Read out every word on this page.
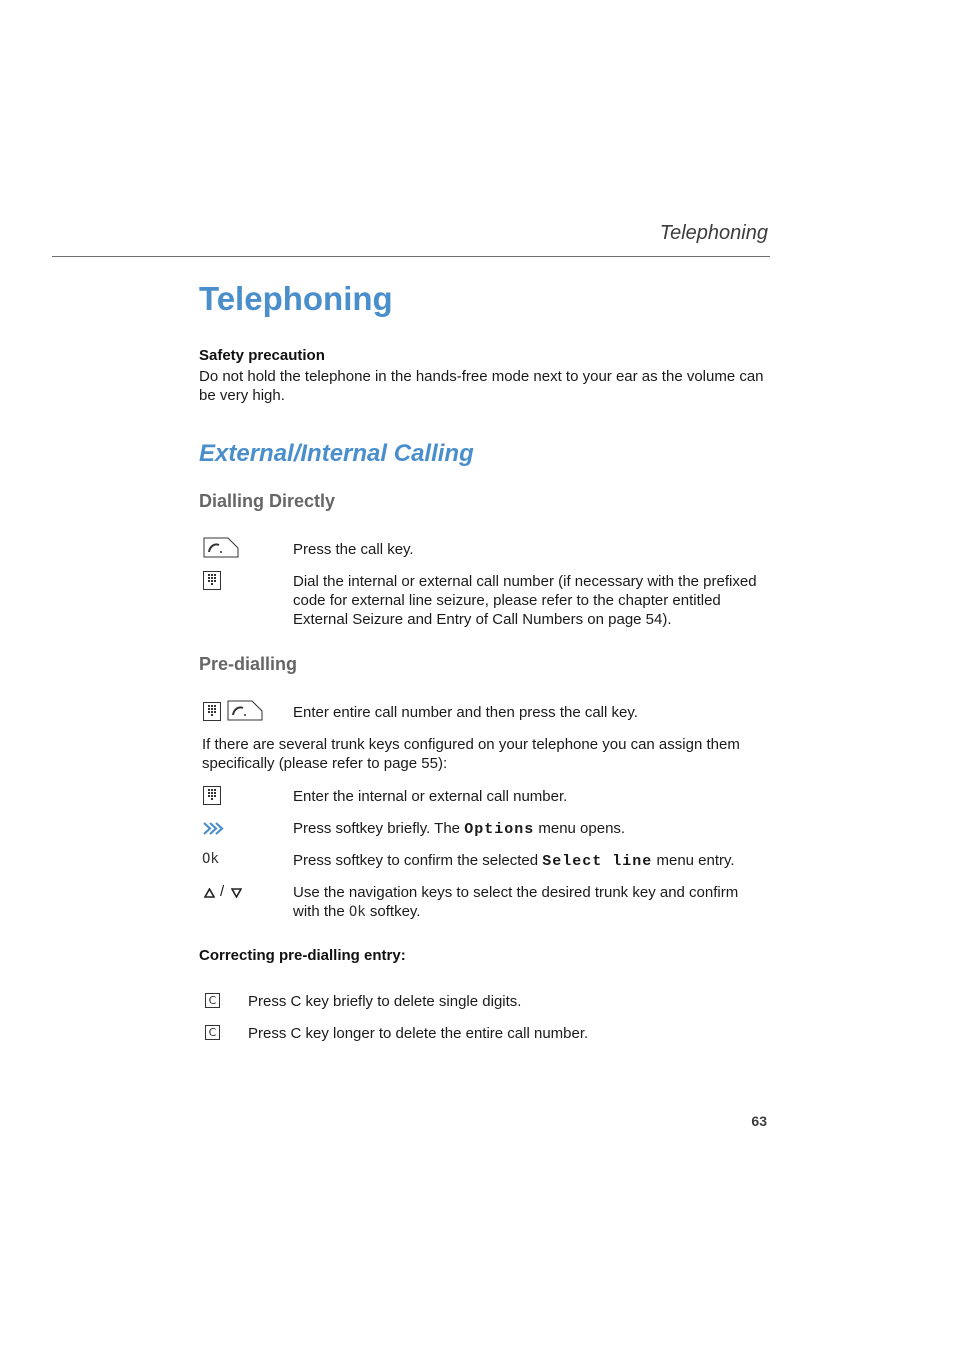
Telephoning
Telephoning
Safety precaution
Do not hold the telephone in the hands-free mode next to your ear as the volume can be very high.
External/Internal Calling
Dialling Directly
Press the call key.
Dial the internal or external call number (if necessary with the prefixed code for external line seizure, please refer to the chapter entitled External Seizure and Entry of Call Numbers on page 54).
Pre-dialling
Enter entire call number and then press the call key.
If there are several trunk keys configured on your telephone you can assign them specifically (please refer to page 55):
Enter the internal or external call number.
Press softkey briefly. The Options menu opens.
Ok	Press softkey to confirm the selected Select line menu entry.
/	Use the navigation keys to select the desired trunk key and confirm
with the Ok softkey.
Correcting pre-dialling entry:
C Press C key briefly to delete single digits.
C Press C key longer to delete the entire call number.
63
